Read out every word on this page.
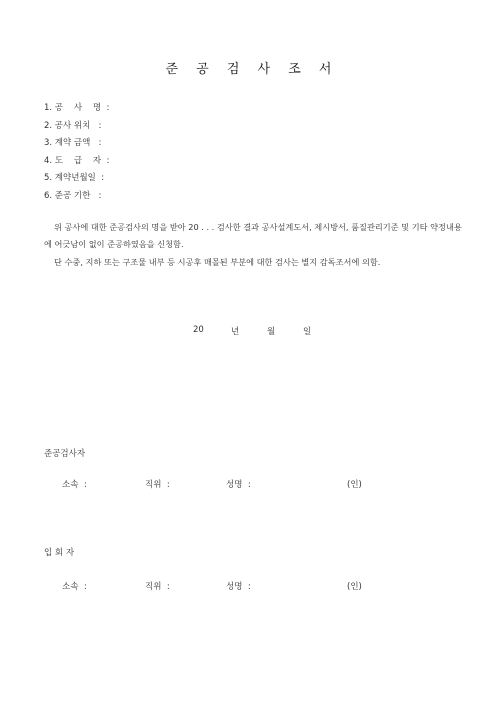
준 공 검 사 조 서
1. 공    사    명  :
2. 공사 위치   :
3. 계약 금액   :
4. 도    급    자  :
5. 계약년월일  :
6. 준공 기한   :
위 공사에 대한 준공검사의 명을 받아 20 . . . 검사한 결과 공사설계도서, 제시방서, 품질관리기준 및 기타 약정내용에 어긋남이 없이 준공하였음을 신청함.
단 수중, 지하 또는 구조물 내부 등 시공후 매몰된 부분에 대한 검사는 별지 감독조서에 의함.
20	년	월	일
준공검사자
소속  :	직위  :	성명  :	(인)
입 회 자
소속  :	직위  :	성명  :	(인)
